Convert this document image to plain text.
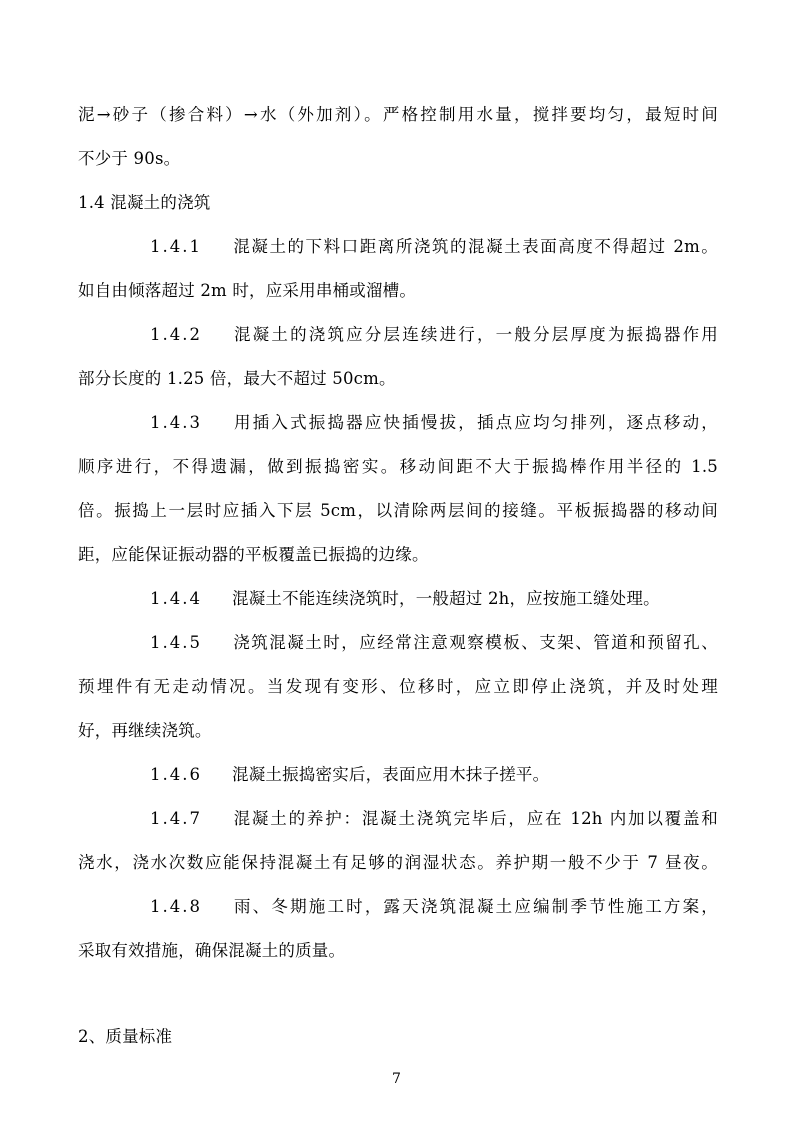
泥→砂子（掺合料）→水（外加剂）。严格控制用水量，搅拌要均匀，最短时间
不少于 90s。
1.4 混凝土的浇筑
1.4.1 混凝土的下料口距离所浇筑的混凝土表面高度不得超过 2m。
如自由倾落超过 2m 时，应采用串桶或溜槽。
1.4.2 混凝土的浇筑应分层连续进行，一般分层厚度为振捣器作用
部分长度的 1.25 倍，最大不超过 50cm。
1.4.3 用插入式振捣器应快插慢拔，插点应均匀排列，逐点移动，
顺序进行，不得遗漏，做到振捣密实。移动间距不大于振捣棒作用半径的 1.5
倍。振捣上一层时应插入下层 5cm，以清除两层间的接缝。平板振捣器的移动间
距，应能保证振动器的平板覆盖已振捣的边缘。
1.4.4 混凝土不能连续浇筑时，一般超过 2h，应按施工缝处理。
1.4.5 浇筑混凝土时，应经常注意观察模板、支架、管道和预留孔、
预埋件有无走动情况。当发现有变形、位移时，应立即停止浇筑，并及时处理
好，再继续浇筑。
1.4.6 混凝土振捣密实后，表面应用木抹子搓平。
1.4.7 混凝土的养护：混凝土浇筑完毕后，应在 12h 内加以覆盖和
浇水，浇水次数应能保持混凝土有足够的润湿状态。养护期一般不少于 7 昼夜。
1.4.8 雨、冬期施工时，露天浇筑混凝土应编制季节性施工方案，
采取有效措施，确保混凝土的质量。
2、质量标准
7
